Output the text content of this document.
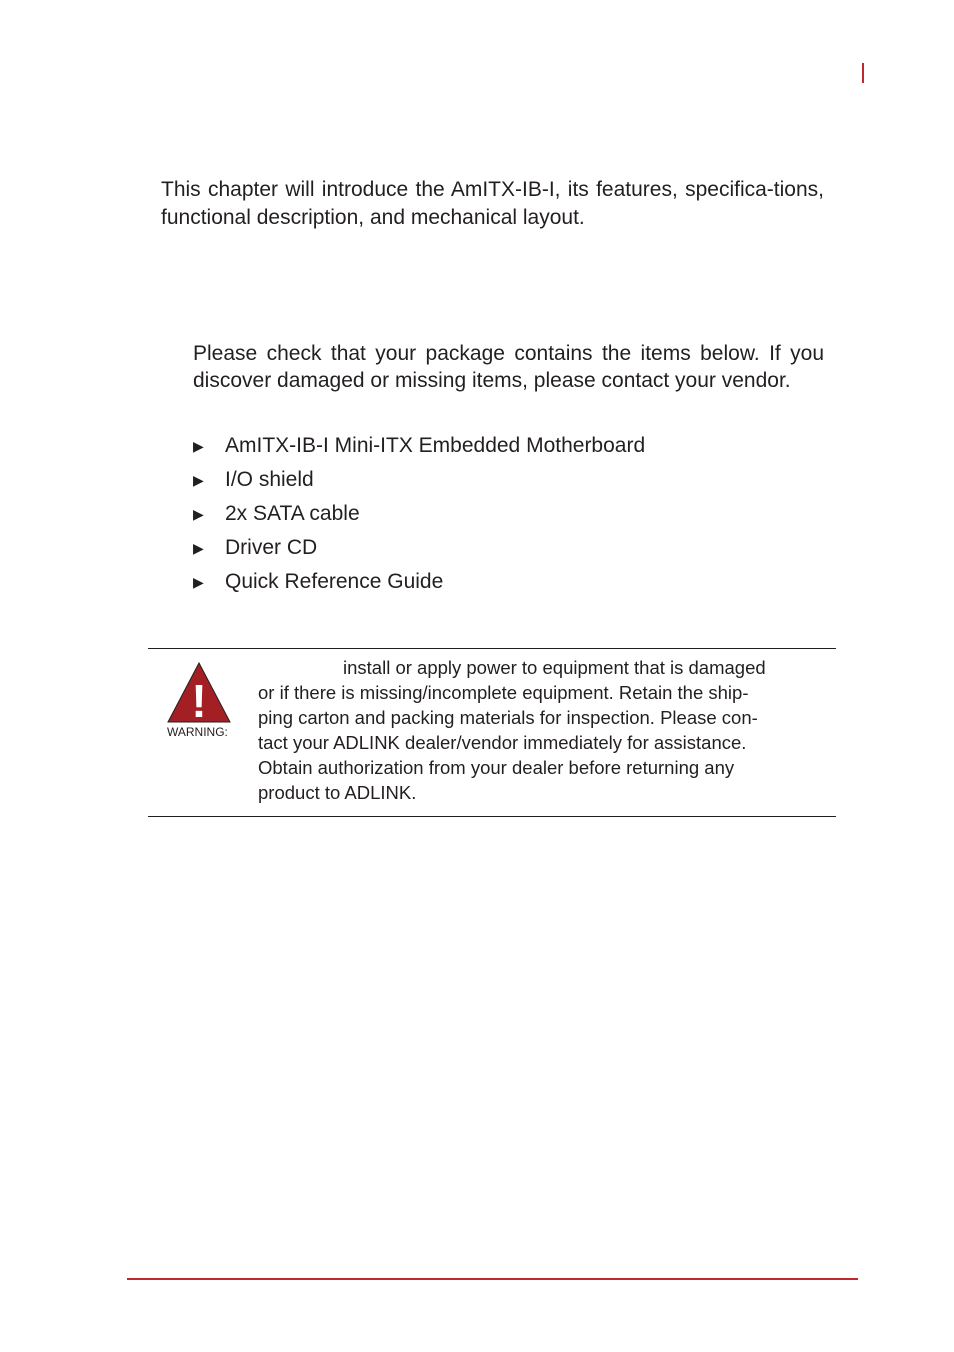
This chapter will introduce the AmITX-IB-I, its features, specifica-tions, functional description, and mechanical layout.

Please check that your package contains the items below. If you discover damaged or missing items, please contact your vendor.

▶	AmITX-IB-I Mini-ITX Embedded Motherboard
▶	I/O shield
▶	2x SATA cable
▶	Driver CD
▶	Quick Reference Guide
!
WARNING:

install or apply power to equipment that is damaged
or if there is missing/incomplete equipment. Retain the ship-
ping carton and packing materials for inspection. Please con-
tact your ADLINK dealer/vendor immediately for assistance.
Obtain authorization from your dealer before returning any
product to ADLINK.
